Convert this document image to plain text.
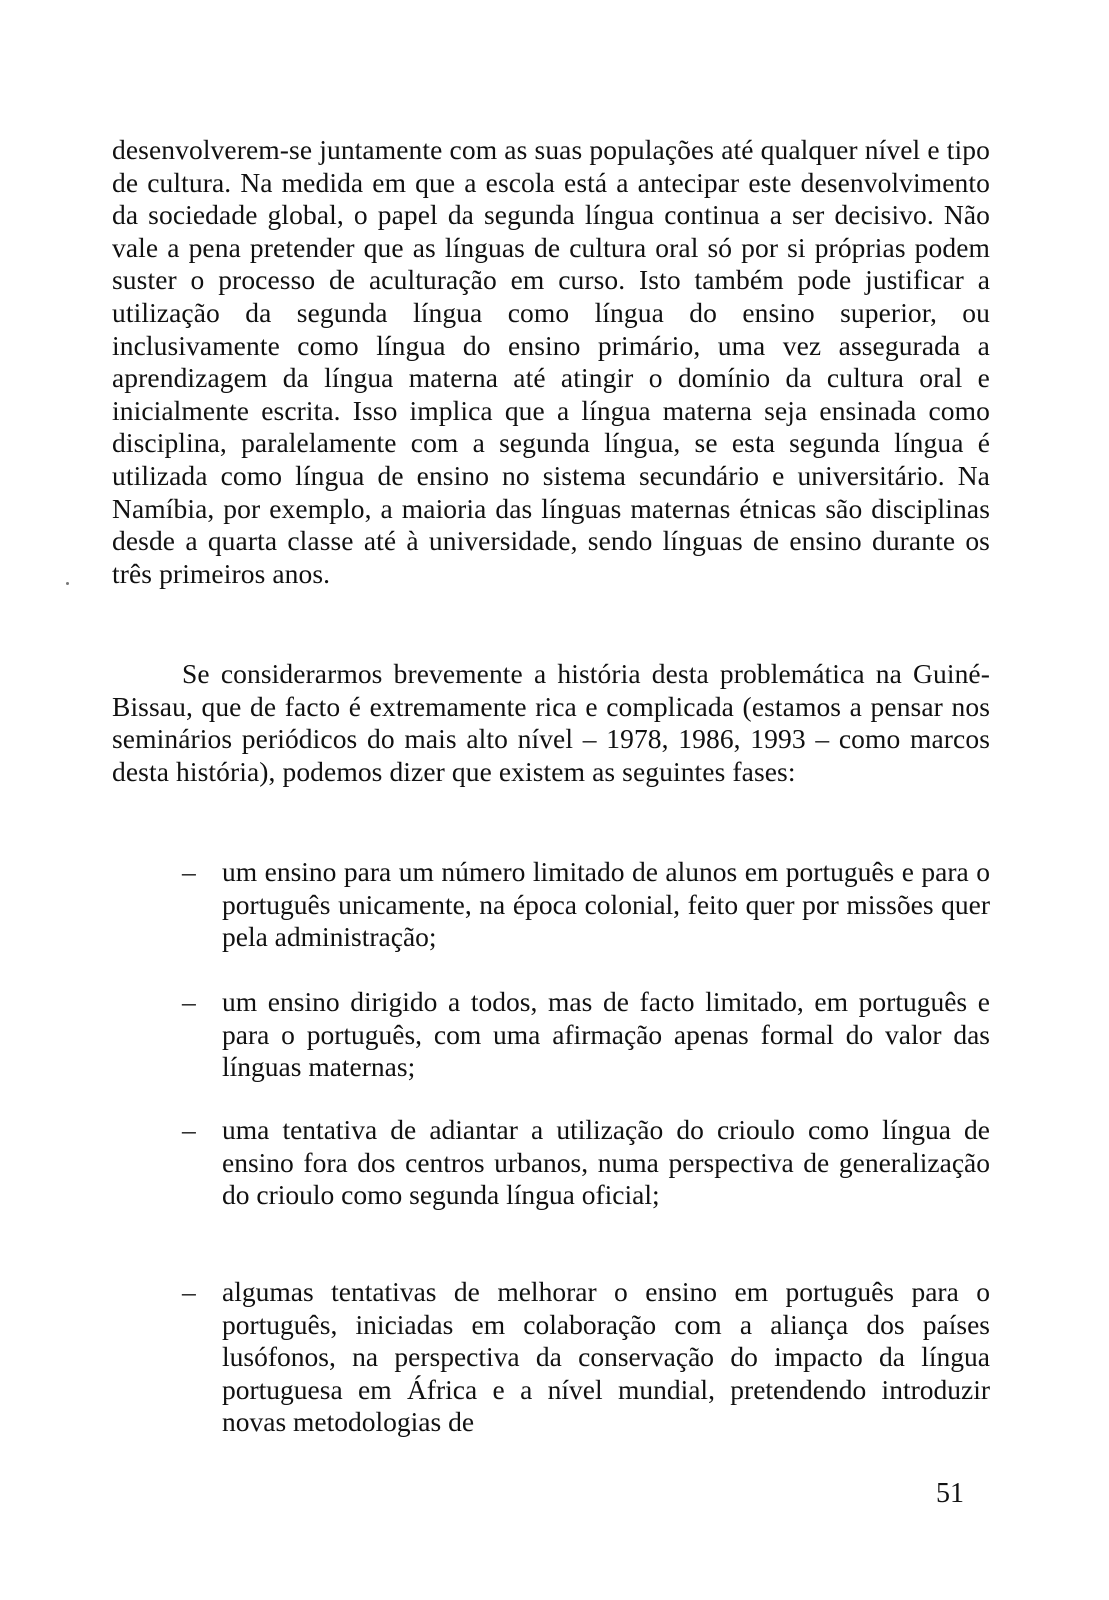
desenvolverem-se juntamente com as suas populações até qualquer nível e tipo de cultura. Na medida em que a escola está a antecipar este desenvolvimento da sociedade global, o papel da segunda língua continua a ser decisivo. Não vale a pena pretender que as línguas de cultura oral só por si próprias podem suster o processo de aculturação em curso. Isto também pode justificar a utilização da segunda língua como língua do ensino superior, ou inclusivamente como língua do ensino primário, uma vez assegurada a aprendizagem da língua materna até atingir o domínio da cultura oral e inicialmente escrita. Isso implica que a língua materna seja ensinada como disciplina, paralelamente com a segunda língua, se esta segunda língua é utilizada como língua de ensino no sistema secundário e universitário. Na Namíbia, por exemplo, a maioria das línguas maternas étnicas são disciplinas desde a quarta classe até à universidade, sendo línguas de ensino durante os três primeiros anos.

Se considerarmos brevemente a história desta problemática na Guiné-Bissau, que de facto é extremamente rica e complicada (estamos a pensar nos seminários periódicos do mais alto nível – 1978, 1986, 1993 – como marcos desta história), podemos dizer que existem as seguintes fases:

– um ensino para um número limitado de alunos em português e para o português unicamente, na época colonial, feito quer por missões quer pela administração;
– um ensino dirigido a todos, mas de facto limitado, em português e para o português, com uma afirmação apenas formal do valor das línguas maternas;
– uma tentativa de adiantar a utilização do crioulo como língua de ensino fora dos centros urbanos, numa perspectiva de generalização do crioulo como segunda língua oficial;
– algumas tentativas de melhorar o ensino em português para o português, iniciadas em colaboração com a aliança dos países lusófonos, na perspectiva da conservação do impacto da língua portuguesa em África e a nível mundial, pretendendo introduzir novas metodologias de
51
